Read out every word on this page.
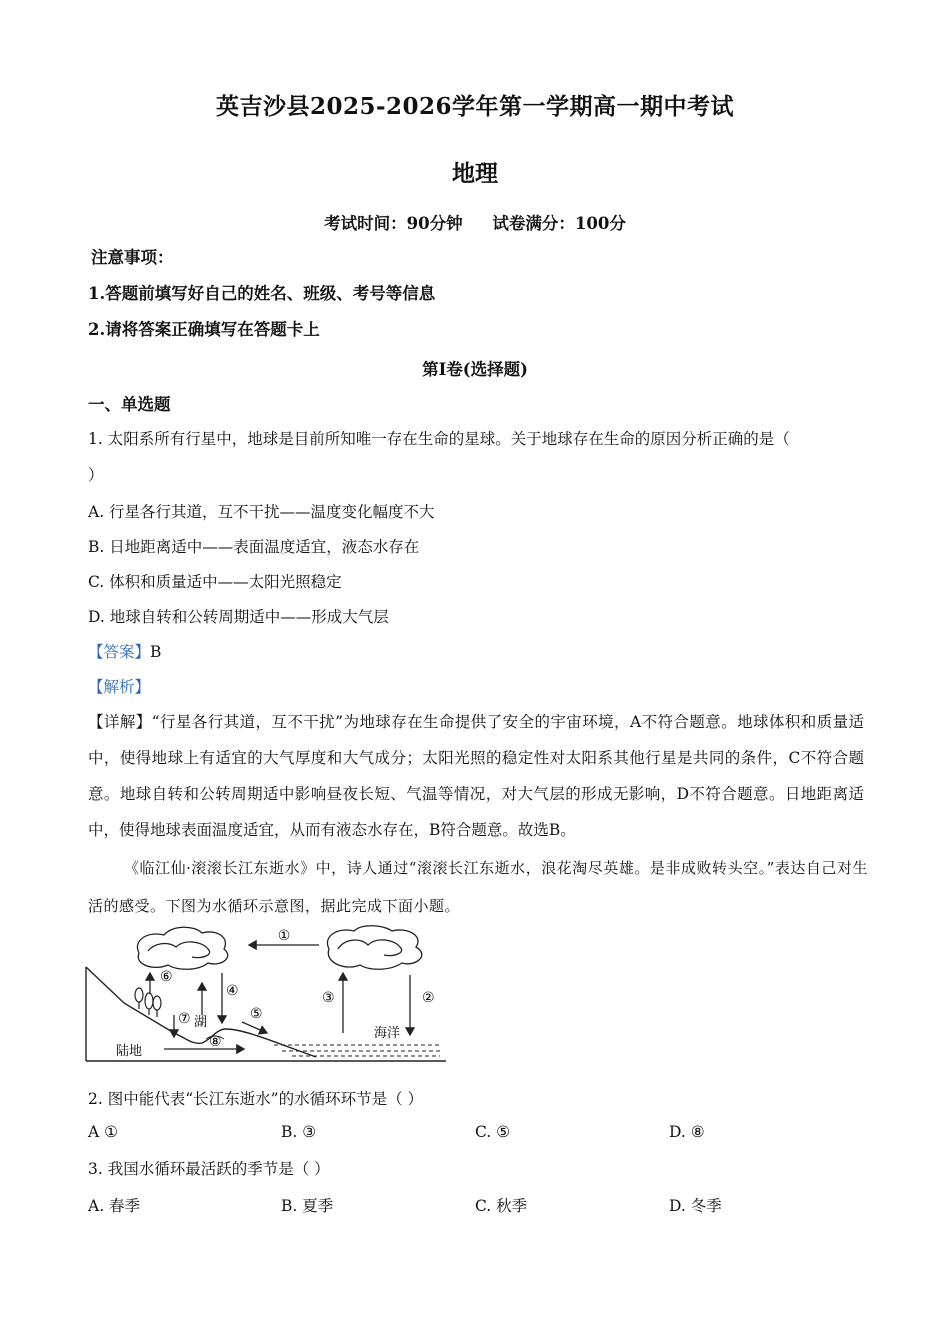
英吉沙县2025-2026学年第一学期高一期中考试
地理
考试时间：90分钟 试卷满分：100分
注意事项：
1.答题前填写好自己的姓名、班级、考号等信息
2.请将答案正确填写在答题卡上
第Ⅰ卷(选择题)
一、单选题
1. 太阳系所有行星中，地球是目前所知唯一存在生命的星球。关于地球存在生命的原因分析正确的是（
）
A. 行星各行其道，互不干扰——温度变化幅度不大
B. 日地距离适中——表面温度适宜，液态水存在
C. 体积和质量适中——太阳光照稳定
D. 地球自转和公转周期适中——形成大气层
【答案】B
【解析】
【详解】“行星各行其道，互不干扰”为地球存在生命提供了安全的宇宙环境，A不符合题意。地球体积和质量适中，使得地球上有适宜的大气厚度和大气成分；太阳光照的稳定性对太阳系其他行星是共同的条件，C不符合题意。地球自转和公转周期适中影响昼夜长短、气温等情况，对大气层的形成无影响，D不符合题意。日地距离适中，使得地球表面温度适宜，从而有液态水存在，B符合题意。故选B。
《临江仙·滚滚长江东逝水》中，诗人通过“滚滚长江东逝水，浪花淘尽英雄。是非成败转头空。”表达自己对生活的感受。下图为水循环示意图，据此完成下面小题。
①
②
③
④
⑥
⑦	⑤
湖
⑧
海洋
陆地
2. 图中能代表“长江东逝水”的水循环环节是（ ）
A ①	B. ③	C. ⑤	D. ⑧
3. 我国水循环最活跃的季节是（ ）
A. 春季	B. 夏季	C. 秋季	D. 冬季
